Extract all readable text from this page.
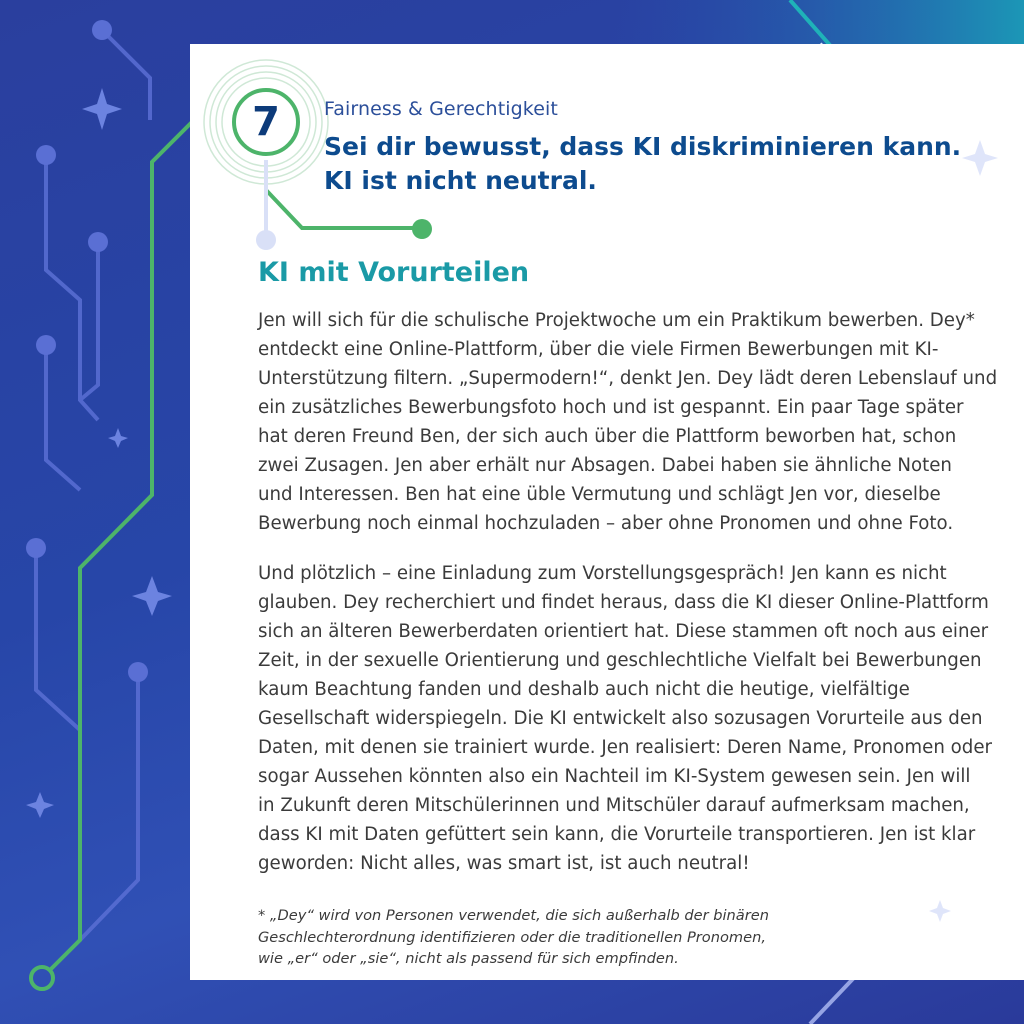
7 Fairness & Gerechtigkeit
Sei dir bewusst, dass KI diskriminieren kann.
KI ist nicht neutral.
KI mit Vorurteilen
Jen will sich für die schulische Projektwoche um ein Praktikum bewerben. Dey*
entdeckt eine Online-Plattform, über die viele Firmen Bewerbungen mit KI-
Unterstützung filtern. „Supermodern!“, denkt Jen. Dey lädt deren Lebenslauf und
ein zusätzliches Bewerbungsfoto hoch und ist gespannt. Ein paar Tage später
hat deren Freund Ben, der sich auch über die Plattform beworben hat, schon
zwei Zusagen. Jen aber erhält nur Absagen. Dabei haben sie ähnliche Noten
und Interessen. Ben hat eine üble Vermutung und schlägt Jen vor, dieselbe
Bewerbung noch einmal hochzuladen – aber ohne Pronomen und ohne Foto.
Und plötzlich – eine Einladung zum Vorstellungsgespräch! Jen kann es nicht
glauben. Dey recherchiert und findet heraus, dass die KI dieser Online-Plattform
sich an älteren Bewerberdaten orientiert hat. Diese stammen oft noch aus einer
Zeit, in der sexuelle Orientierung und geschlechtliche Vielfalt bei Bewerbungen
kaum Beachtung fanden und deshalb auch nicht die heutige, vielfältige
Gesellschaft widerspiegeln. Die KI entwickelt also sozusagen Vorurteile aus den
Daten, mit denen sie trainiert wurde. Jen realisiert: Deren Name, Pronomen oder
sogar Aussehen könnten also ein Nachteil im KI-System gewesen sein. Jen will
in Zukunft deren Mitschülerinnen und Mitschüler darauf aufmerksam machen,
dass KI mit Daten gefüttert sein kann, die Vorurteile transportieren. Jen ist klar
geworden: Nicht alles, was smart ist, ist auch neutral!
* „Dey“ wird von Personen verwendet, die sich außerhalb der binären
Geschlechterordnung identifizieren oder die traditionellen Pronomen,
wie „er“ oder „sie“, nicht als passend für sich empfinden.
